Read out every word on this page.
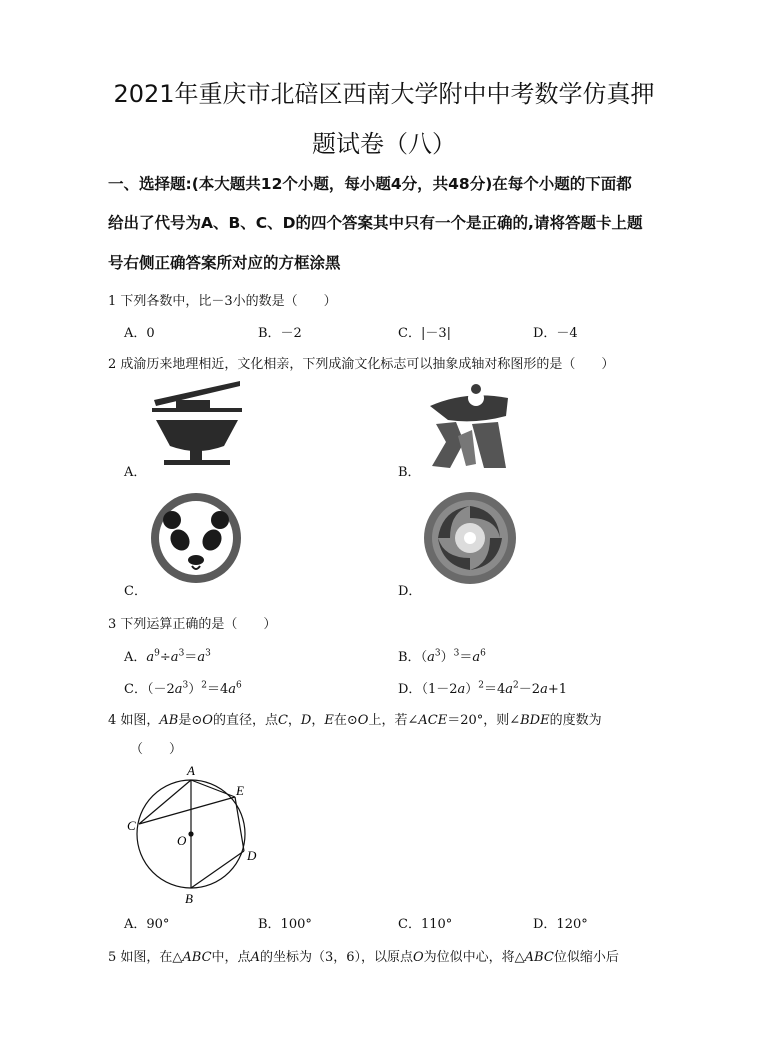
2021年重庆市北碚区西南大学附中中考数学仿真押
题试卷（八）
一、选择题:(本大题共12个小题，每小题4分，共48分)在每个小题的下面都
给出了代号为A、B、C、D的四个答案其中只有一个是正确的,请将答题卡上题
号右侧正确答案所对应的方框涂黑
1 下列各数中，比－3小的数是（　　）
A．0	B．－2	C．|－3|	D．－4
2 成渝历来地理相近，文化相亲，下列成渝文化标志可以抽象成轴对称图形的是（　　）
A．	B．
C．	D．
3 下列运算正确的是（　　）
A．$a^9\div a^3=a^3$	B．$(a^3)^3=a^6$
C．$(-2a^3)^2=4a^6$	D．$(1-2a)^2=4a^2-2a+1$
4 如图，AB是⊙O的直径，点C，D，E在⊙O上，若∠ACE＝20°，则∠BDE的度数为
（　　）
A
B
C
D
E
O
A．90°	B．100°	C．110°	D．120°
5 如图，在△ABC中，点A的坐标为（3，6），以原点O为位似中心，将△ABC位似缩小后
